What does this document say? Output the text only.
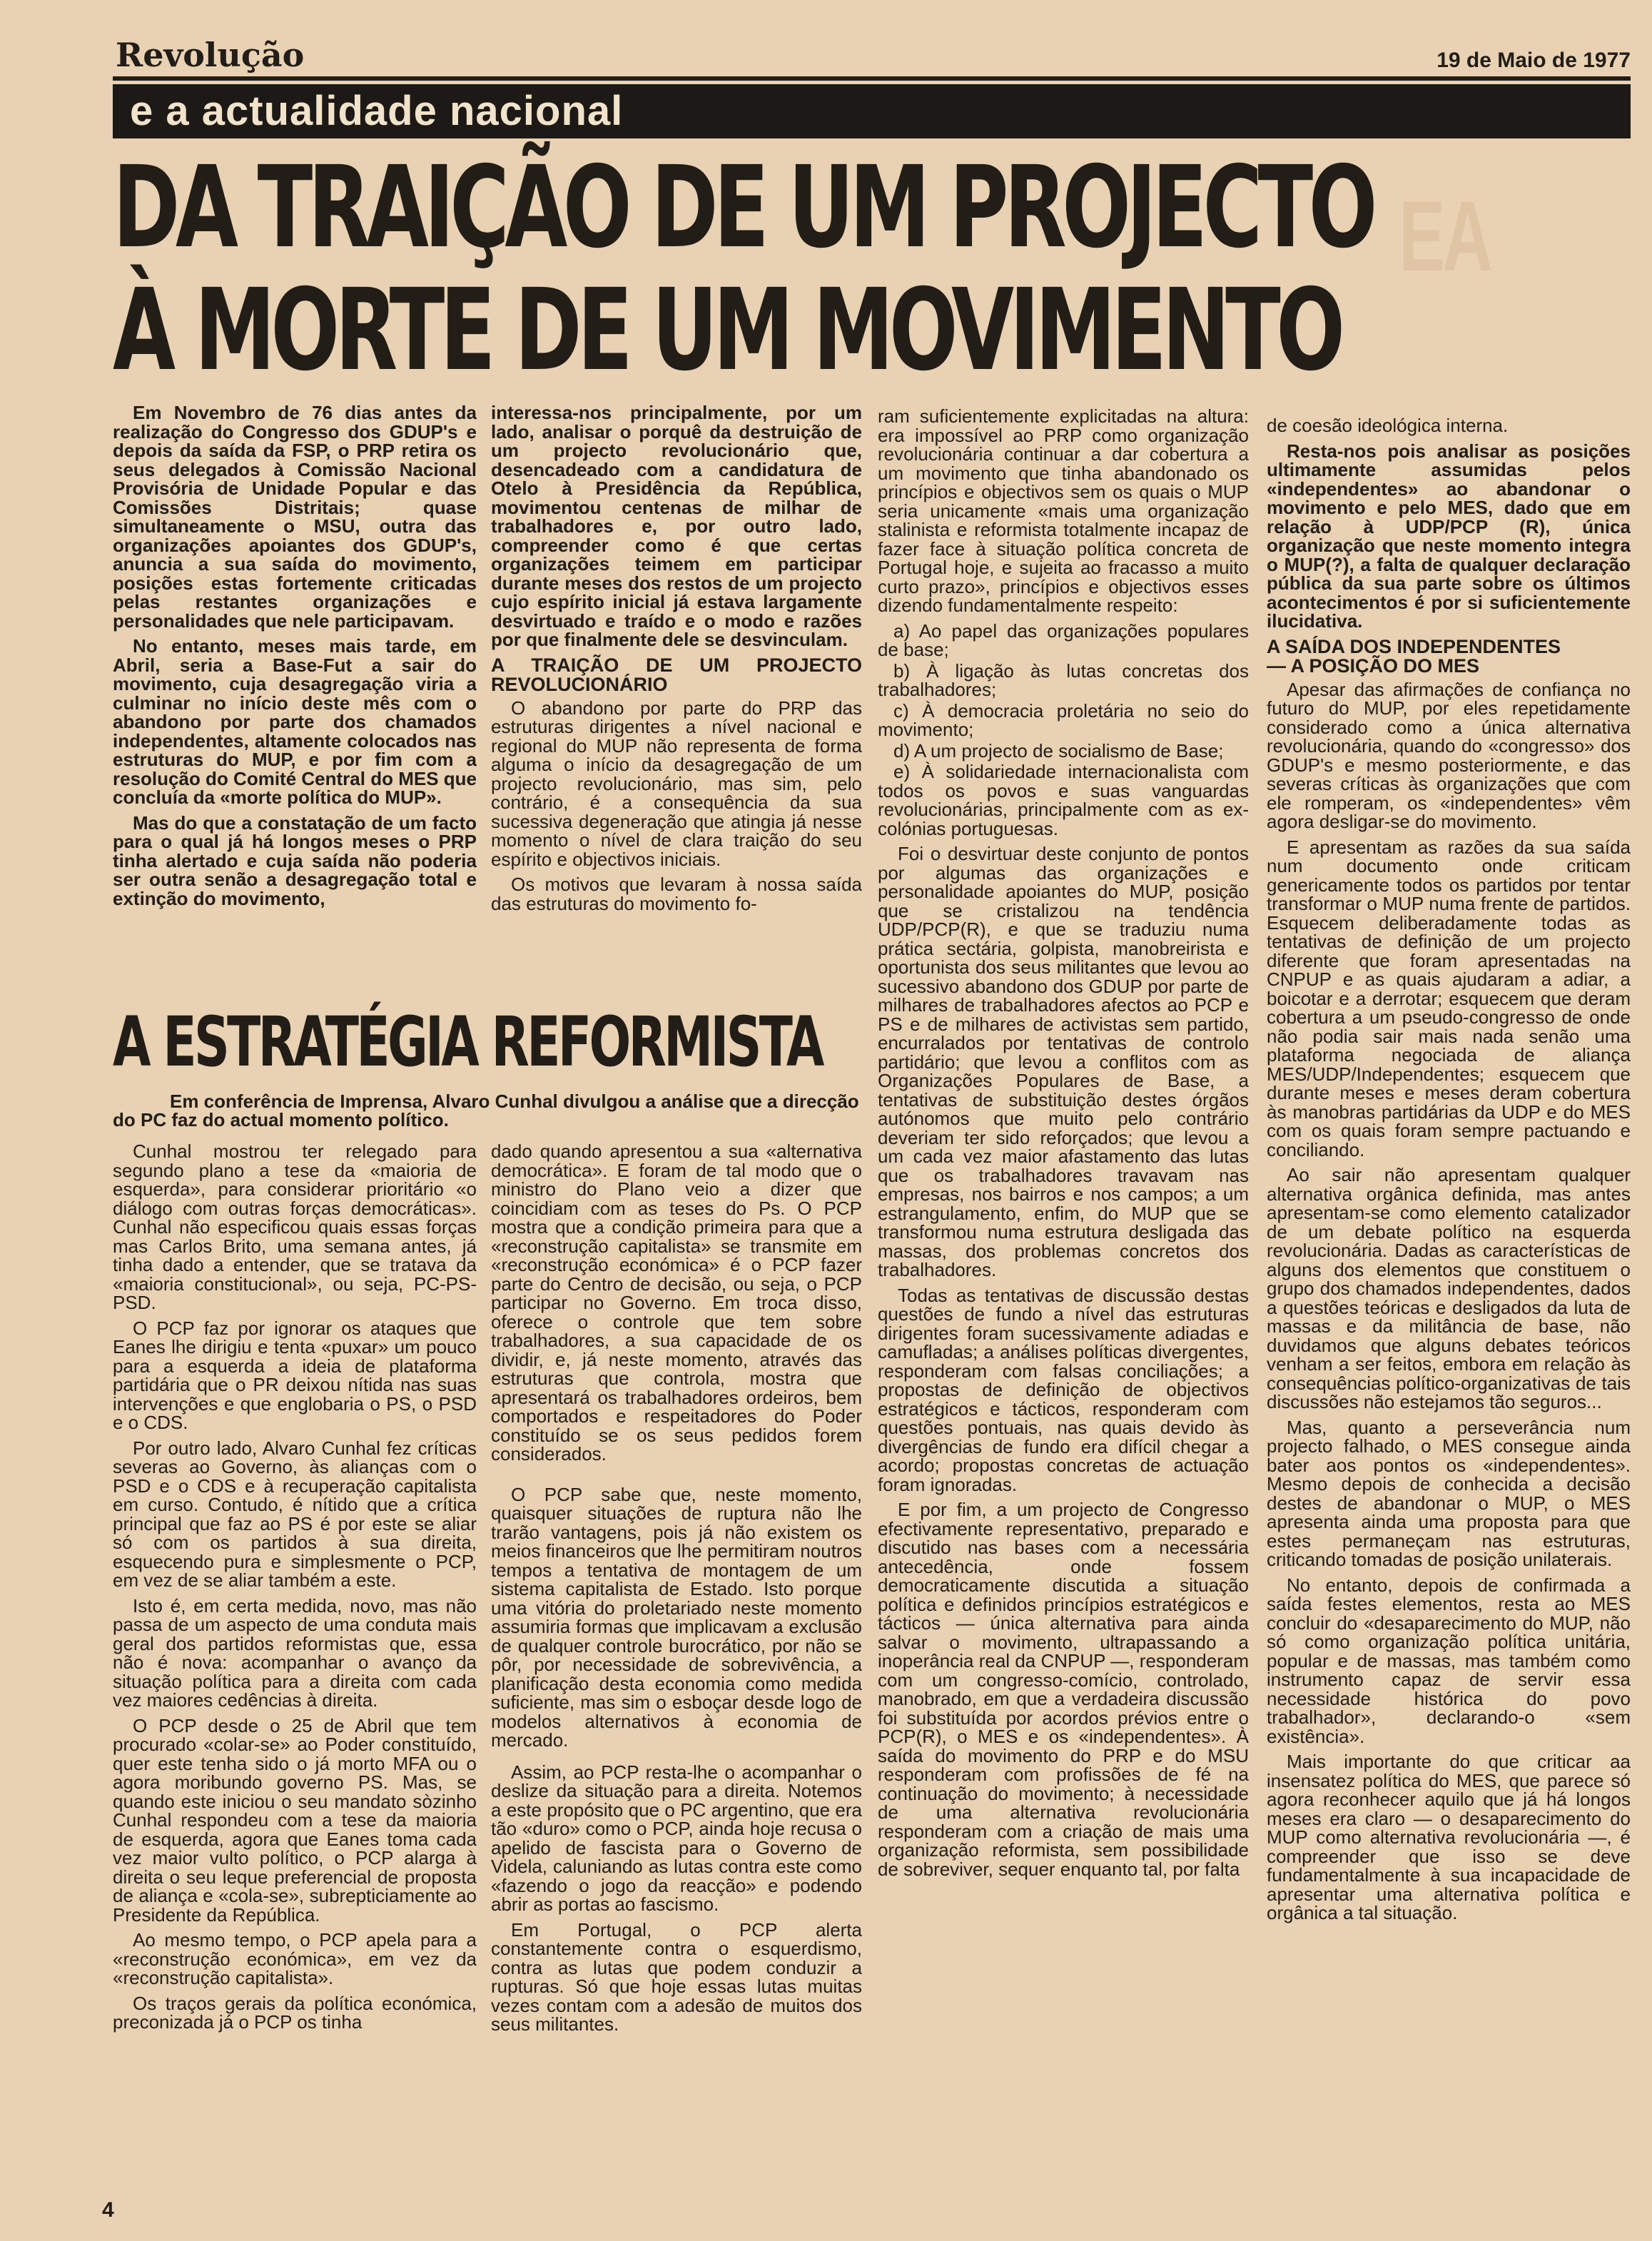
EA
Revolução	19 de Maio de 1977
e a actualidade nacional
DA TRAIÇÃO DE UM PROJECTO
À MORTE DE UM MOVIMENTO

Em Novembro de 76 dias antes da realização do Congresso dos GDUP's e depois da saída da FSP, o PRP retira os seus delegados à Comissão Nacional Provisória de Unidade Popular e das Comissões Distritais; quase simultaneamente o MSU, outra das organizações apoiantes dos GDUP's, anuncia a sua saída do movimento, posições estas fortemente criticadas pelas restantes organizações e personalidades que nele participavam.

No entanto, meses mais tarde, em Abril, seria a Base-Fut a sair do movimento, cuja desagregação viria a culminar no início deste mês com o abandono por parte dos chamados independentes, altamente colocados nas estruturas do MUP, e por fim com a resolução do Comité Central do MES que concluía da «morte política do MUP».

Mas do que a constatação de um facto para o qual já há longos meses o PRP tinha alertado e cuja saída não poderia ser outra senão a desagregação total e extinção do movimento,

interessa-nos principalmente, por um lado, analisar o porquê da destruição de um projecto revolucionário que, desencadeado com a candidatura de Otelo à Presidência da República, movimentou centenas de milhar de trabalhadores e, por outro lado, compreender como é que certas organizações teimem em participar durante meses dos restos de um projecto cujo espírito inicial já estava largamente desvirtuado e traído e o modo e razões por que finalmente dele se desvinculam.

A TRAIÇÃO DE UM PROJECTO REVOLUCIONÁRIO

O abandono por parte do PRP das estruturas dirigentes a nível nacional e regional do MUP não representa de forma alguma o início da desagregação de um projecto revolucionário, mas sim, pelo contrário, é a consequência da sua sucessiva degeneração que atingia já nesse momento o nível de clara traição do seu espírito e objectivos iniciais.

Os motivos que levaram à nossa saída das estruturas do movimento fo-

ram suficientemente explicitadas na altura: era impossível ao PRP como organização revolucionária continuar a dar cobertura a um movimento que tinha abandonado os princípios e objectivos sem os quais o MUP seria unicamente «mais uma organização stalinista e reformista totalmente incapaz de fazer face à situação política concreta de Portugal hoje, e sujeita ao fracasso a muito curto prazo», princípios e objectivos esses dizendo fundamentalmente respeito:

a) Ao papel das organizações populares de base;

b) À ligação às lutas concretas dos trabalhadores;

c) À democracia proletária no seio do movimento;

d) A um projecto de socialismo de Base;

e) À solidariedade internacionalista com todos os povos e suas vanguardas revolucionárias, principalmente com as ex-colónias portuguesas.

Foi o desvirtuar deste conjunto de pontos por algumas das organizações e personalidade apoiantes do MUP, posição que se cristalizou na tendência UDP/PCP(R), e que se traduziu numa prática sectária, golpista, manobreirista e oportunista dos seus militantes que levou ao sucessivo abandono dos GDUP por parte de milhares de trabalhadores afectos ao PCP e PS e de milhares de activistas sem partido, encurralados por tentativas de controlo partidário; que levou a conflitos com as Organizações Populares de Base, a tentativas de substituição destes órgãos autónomos que muito pelo contrário deveriam ter sido reforçados; que levou a um cada vez maior afastamento das lutas que os trabalhadores travavam nas empresas, nos bairros e nos campos; a um estrangulamento, enfim, do MUP que se transformou numa estrutura desligada das massas, dos problemas concretos dos trabalhadores.

Todas as tentativas de discussão destas questões de fundo a nível das estruturas dirigentes foram sucessivamente adiadas e camufladas; a análises políticas divergentes, responderam com falsas conciliações; a propostas de definição de objectivos estratégicos e tácticos, responderam com questões pontuais, nas quais devido às divergências de fundo era difícil chegar a acordo; propostas concretas de actuação foram ignoradas.

E por fim, a um projecto de Congresso efectivamente representativo, preparado e discutido nas bases com a necessária antecedência, onde fossem democraticamente discutida a situação política e definidos princípios estratégicos e tácticos — única alternativa para ainda salvar o movimento, ultrapassando a inoperância real da CNPUP —, responderam com um congresso-comício, controlado, manobrado, em que a verdadeira discussão foi substituída por acordos prévios entre o PCP(R), o MES e os «independentes». À saída do movimento do PRP e do MSU responderam com profissões de fé na continuação do movimento; à necessidade de uma alternativa revolucionária responderam com a criação de mais uma organização reformista, sem possibilidade de sobreviver, sequer enquanto tal, por falta

de coesão ideológica interna.

Resta-nos pois analisar as posições ultimamente assumidas pelos «independentes» ao abandonar o movimento e pelo MES, dado que em relação à UDP/PCP (R), única organização que neste momento integra o MUP(?), a falta de qualquer declaração pública da sua parte sobre os últimos acontecimentos é por si suficientemente ilucidativa.

A SAÍDA DOS INDEPENDENTES
— A POSIÇÃO DO MES

Apesar das afirmações de confiança no futuro do MUP, por eles repetidamente considerado como a única alternativa revolucionária, quando do «congresso» dos GDUP's e mesmo posteriormente, e das severas críticas às organizações que com ele romperam, os «independentes» vêm agora desligar-se do movimento.

E apresentam as razões da sua saída num documento onde criticam genericamente todos os partidos por tentar transformar o MUP numa frente de partidos. Esquecem deliberadamente todas as tentativas de definição de um projecto diferente que foram apresentadas na CNPUP e as quais ajudaram a adiar, a boicotar e a derrotar; esquecem que deram cobertura a um pseudo-congresso de onde não podia sair mais nada senão uma plataforma negociada de aliança MES/UDP/Independentes; esquecem que durante meses e meses deram cobertura às manobras partidárias da UDP e do MES com os quais foram sempre pactuando e conciliando.

Ao sair não apresentam qualquer alternativa orgânica definida, mas antes apresentam-se como elemento catalizador de um debate político na esquerda revolucionária. Dadas as características de alguns dos elementos que constituem o grupo dos chamados independentes, dados a questões teóricas e desligados da luta de massas e da militância de base, não duvidamos que alguns debates teóricos venham a ser feitos, embora em relação às consequências político-organizativas de tais discussões não estejamos tão seguros...

Mas, quanto a perseverância num projecto falhado, o MES consegue ainda bater aos pontos os «independentes». Mesmo depois de conhecida a decisão destes de abandonar o MUP, o MES apresenta ainda uma proposta para que estes permaneçam nas estruturas, criticando tomadas de posição unilaterais.

No entanto, depois de confirmada a saída festes elementos, resta ao MES concluir do «desaparecimento do MUP, não só como organização política unitária, popular e de massas, mas também como instrumento capaz de servir essa necessidade histórica do povo trabalhador», declarando-o «sem existência».

Mais importante do que criticar aa insensatez política do MES, que parece só agora reconhecer aquilo que já há longos meses era claro — o desaparecimento do MUP como alternativa revolucionária —, é compreender que isso se deve fundamentalmente à sua incapacidade de apresentar uma alternativa política e orgânica a tal situação.

A ESTRATÉGIA REFORMISTA
Em conferência de Imprensa, Alvaro Cunhal divulgou a análise que a direcção do PC faz do actual momento político.

Cunhal mostrou ter relegado para segundo plano a tese da «maioria de esquerda», para considerar prioritário «o diálogo com outras forças democráticas». Cunhal não especificou quais essas forças mas Carlos Brito, uma semana antes, já tinha dado a entender, que se tratava da «maioria constitucional», ou seja, PC-PS-PSD.

O PCP faz por ignorar os ataques que Eanes lhe dirigiu e tenta «puxar» um pouco para a esquerda a ideia de plataforma partidária que o PR deixou nítida nas suas intervenções e que englobaria o PS, o PSD e o CDS.

Por outro lado, Alvaro Cunhal fez críticas severas ao Governo, às alianças com o PSD e o CDS e à recuperação capitalista em curso. Contudo, é nítido que a crítica principal que faz ao PS é por este se aliar só com os partidos à sua direita, esquecendo pura e simplesmente o PCP, em vez de se aliar também a este.

Isto é, em certa medida, novo, mas não passa de um aspecto de uma conduta mais geral dos partidos reformistas que, essa não é nova: acompanhar o avanço da situação política para a direita com cada vez maiores cedências à direita.

O PCP desde o 25 de Abril que tem procurado «colar-se» ao Poder constituído, quer este tenha sido o já morto MFA ou o agora moribundo governo PS. Mas, se quando este iniciou o seu mandato sòzinho Cunhal respondeu com a tese da maioria de esquerda, agora que Eanes toma cada vez maior vulto político, o PCP alarga à direita o seu leque preferencial de proposta de aliança e «cola-se», subrepticiamente ao Presidente da República.

Ao mesmo tempo, o PCP apela para a «reconstrução económica», em vez da «reconstrução capitalista».

Os traços gerais da política económica, preconizada já o PCP os tinha

dado quando apresentou a sua «alternativa democrática». E foram de tal modo que o ministro do Plano veio a dizer que coincidiam com as teses do Ps. O PCP mostra que a condição primeira para que a «reconstrução capitalista» se transmite em «reconstrução económica» é o PCP fazer parte do Centro de decisão, ou seja, o PCP participar no Governo. Em troca disso, oferece o controle que tem sobre trabalhadores, a sua capacidade de os dividir, e, já neste momento, através das estruturas que controla, mostra que apresentará os trabalhadores ordeiros, bem comportados e respeitadores do Poder constituído se os seus pedidos forem considerados.

O PCP sabe que, neste momento, quaisquer situações de ruptura não lhe trarão vantagens, pois já não existem os meios financeiros que lhe permitiram noutros tempos a tentativa de montagem de um sistema capitalista de Estado. Isto porque uma vitória do proletariado neste momento assumiria formas que implicavam a exclusão de qualquer controle burocrático, por não se pôr, por necessidade de sobrevivência, a planificação desta economia como medida suficiente, mas sim o esboçar desde logo de modelos alternativos à economia de mercado.

Assim, ao PCP resta-lhe o acompanhar o deslize da situação para a direita. Notemos a este propósito que o PC argentino, que era tão «duro» como o PCP, ainda hoje recusa o apelido de fascista para o Governo de Videla, caluniando as lutas contra este como «fazendo o jogo da reacção» e podendo abrir as portas ao fascismo.

Em Portugal, o PCP alerta constantemente contra o esquerdismo, contra as lutas que podem conduzir a rupturas. Só que hoje essas lutas muitas vezes contam com a adesão de muitos dos seus militantes.

4
